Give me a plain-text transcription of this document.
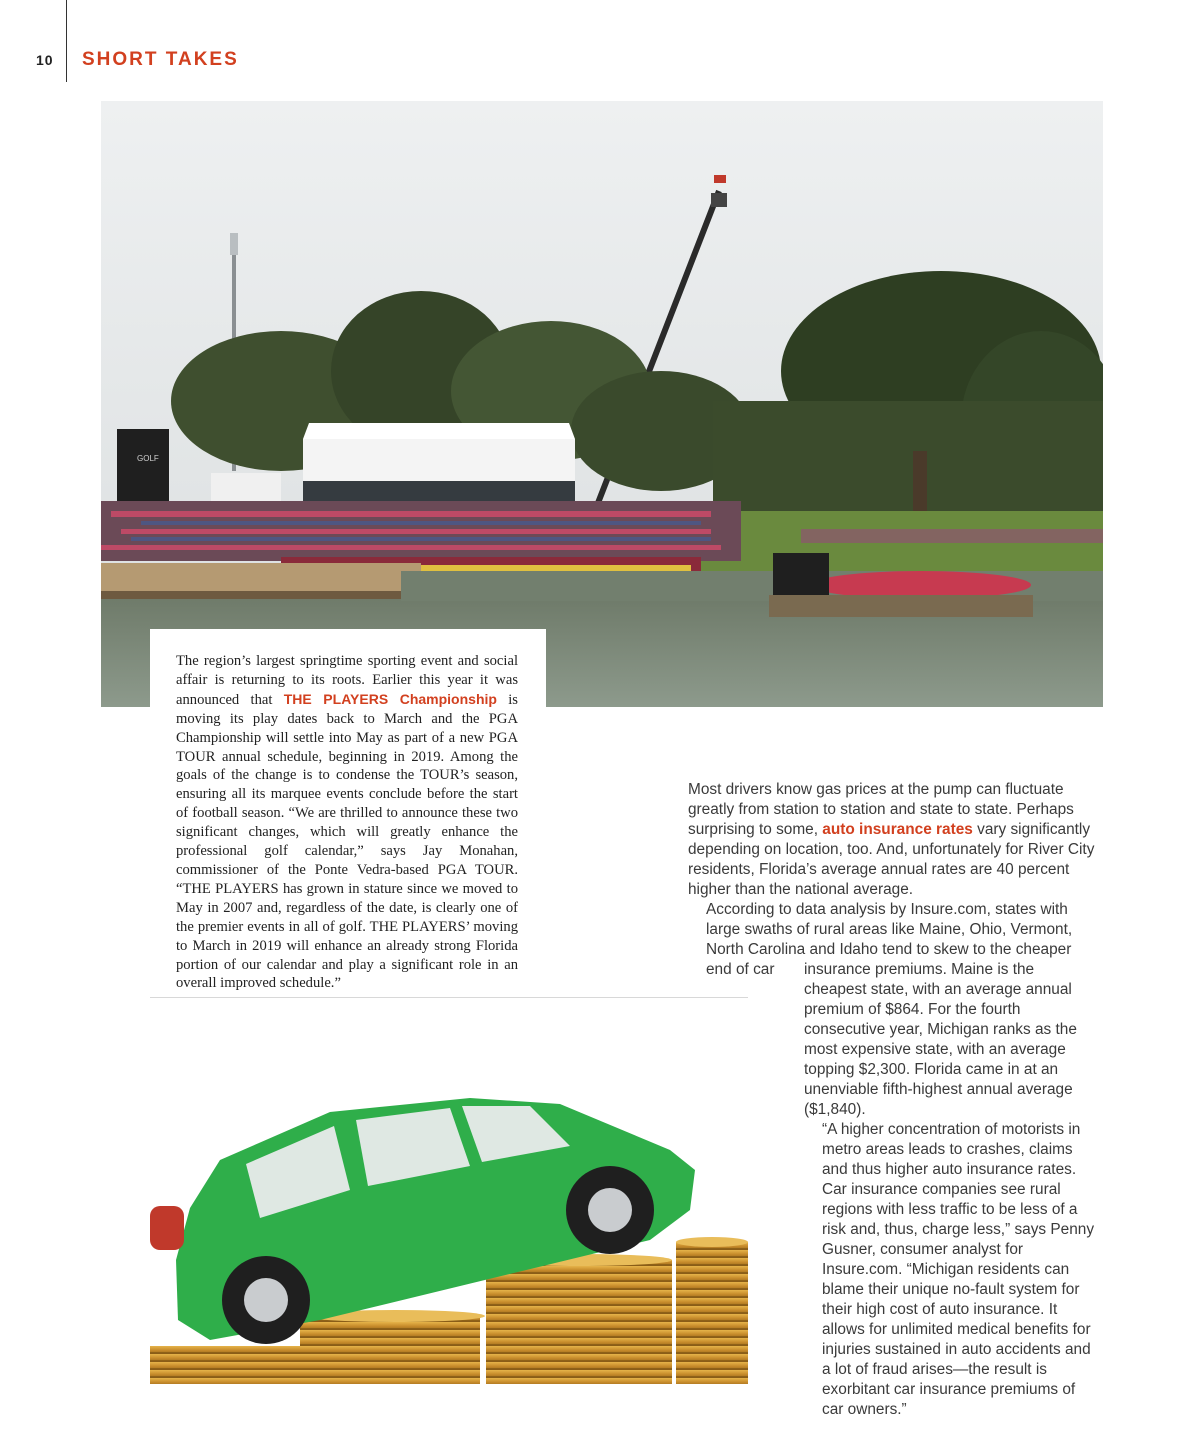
10 SHORT TAKES
GOLF

The region’s largest springtime sporting event and social affair is returning to its roots. Earlier this year it was announced that THE PLAYERS Championship is moving its play dates back to March and the PGA Championship will settle into May as part of a new PGA TOUR annual schedule, beginning in 2019. Among the goals of the change is to condense the TOUR’s season, ensuring all its marquee events conclude before the start of football season. “We are thrilled to announce these two significant changes, which will greatly enhance the professional golf calendar,” says Jay Monahan, commissioner of the Ponte Vedra-based PGA TOUR. “THE PLAYERS has grown in stature since we moved to May in 2007 and, regardless of the date, is clearly one of the premier events in all of golf. THE PLAYERS’ moving to March in 2019 will enhance an already strong Florida portion of our calendar and play a significant role in an overall improved schedule.”

Most drivers know gas prices at the pump can fluctuate greatly from station to station and state to state. Perhaps surprising to some, auto insurance rates vary significantly depending on location, too. And, unfortunately for River City residents, Florida’s average annual rates are 40 percent higher than the national average.

According to data analysis by Insure.com, states with large swaths of rural areas like Maine, Ohio, Vermont, North Carolina and Idaho tend to skew to the cheaper end of car	insurance premiums. Maine is the cheapest state, with an average annual premium of $864. For the fourth consecutive year, Michigan ranks as the most expensive state, with an average topping $2,300. Florida came in at an unenviable fifth-highest annual average ($1,840).

“A higher concentration of motorists in metro areas leads to crashes, claims and thus higher auto insurance rates. Car insurance companies see rural regions with less traffic to be less of a risk and, thus, charge less,” says Penny Gusner, consumer analyst for Insure.com. “Michigan residents can blame their unique no-fault system for their high cost of auto insurance. It allows for unlimited medical benefits for injuries sustained in auto accidents and a lot of fraud arises—the result is exorbitant car insurance premiums of car owners.”
